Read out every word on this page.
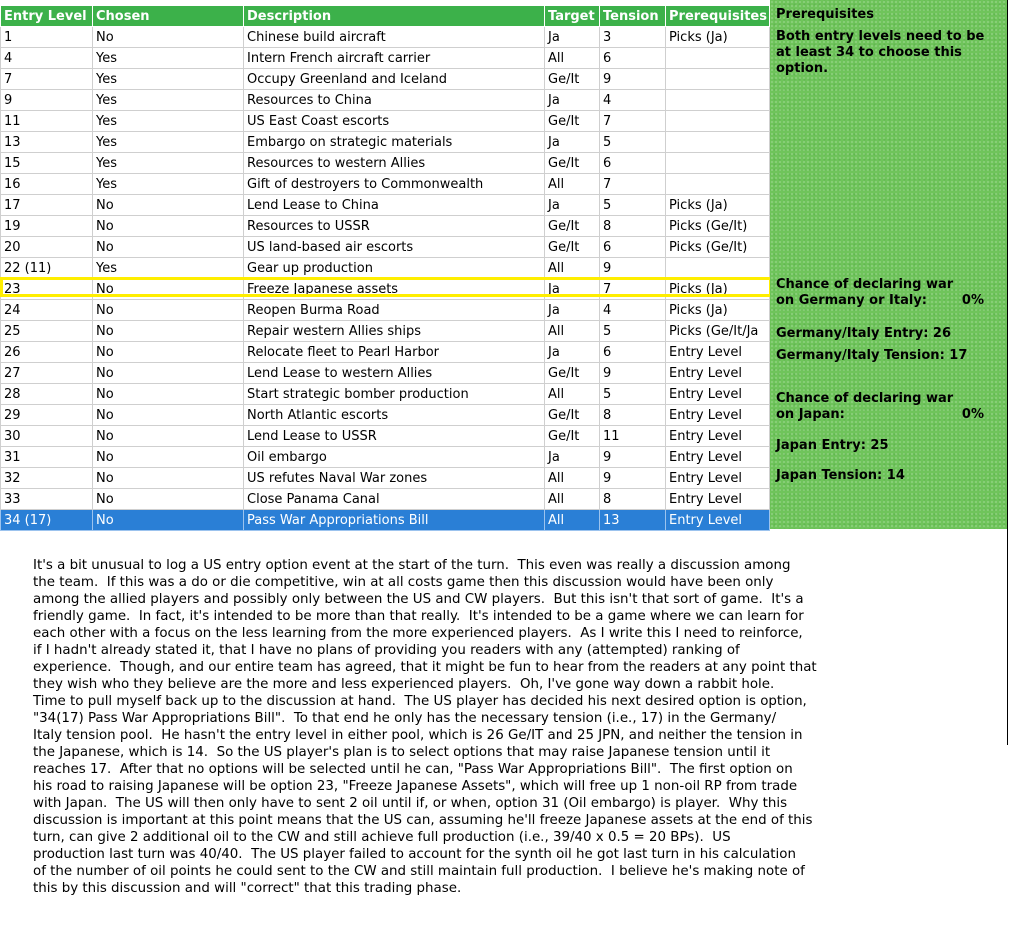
Entry Level	Chosen	Description	Target	Tension	Prerequisites
1	No	Chinese build aircraft	Ja	3	Picks (Ja)
4	Yes	Intern French aircraft carrier	All	6	
7	Yes	Occupy Greenland and Iceland	Ge/It	9	
9	Yes	Resources to China	Ja	4	
11	Yes	US East Coast escorts	Ge/It	7	
13	Yes	Embargo on strategic materials	Ja	5	
15	Yes	Resources to western Allies	Ge/It	6	
16	Yes	Gift of destroyers to Commonwealth	All	7	
17	No	Lend Lease to China	Ja	5	Picks (Ja)
19	No	Resources to USSR	Ge/It	8	Picks (Ge/It)
20	No	US land-based air escorts	Ge/It	6	Picks (Ge/It)
22 (11)	Yes	Gear up production	All	9	
23	No	Freeze Japanese assets	Ja	7	Picks (Ja)
24	No	Reopen Burma Road	Ja	4	Picks (Ja)
25	No	Repair western Allies ships	All	5	Picks (Ge/It/Ja
26	No	Relocate fleet to Pearl Harbor	Ja	6	Entry Level
27	No	Lend Lease to western Allies	Ge/It	9	Entry Level
28	No	Start strategic bomber production	All	5	Entry Level
29	No	North Atlantic escorts	Ge/It	8	Entry Level
30	No	Lend Lease to USSR	Ge/It	11	Entry Level
31	No	Oil embargo	Ja	9	Entry Level
32	No	US refutes Naval War zones	All	9	Entry Level
33	No	Close Panama Canal	All	8	Entry Level
34 (17)	No	Pass War Appropriations Bill	All	13	Entry Level
Prerequisites
Both entry levels need to be
at least 34 to choose this
option.
Chance of declaring war
on Germany or Italy:	0%
Germany/Italy Entry: 26
Germany/Italy Tension: 17
Chance of declaring war
on Japan:	0%
Japan Entry: 25
Japan Tension: 14
It's a bit unusual to log a US entry option event at the start of the turn.  This even was really a discussion among
the team.  If this was a do or die competitive, win at all costs game then this discussion would have been only
among the allied players and possibly only between the US and CW players.  But this isn't that sort of game.  It's a
friendly game.  In fact, it's intended to be more than that really.  It's intended to be a game where we can learn for
each other with a focus on the less learning from the more experienced players.  As I write this I need to reinforce,
if I hadn't already stated it, that I have no plans of providing you readers with any (attempted) ranking of
experience.  Though, and our entire team has agreed, that it might be fun to hear from the readers at any point that
they wish who they believe are the more and less experienced players.  Oh, I've gone way down a rabbit hole.
Time to pull myself back up to the discussion at hand.  The US player has decided his next desired option is option,
"34(17) Pass War Appropriations Bill".  To that end he only has the necessary tension (i.e., 17) in the Germany/
Italy tension pool.  He hasn't the entry level in either pool, which is 26 Ge/IT and 25 JPN, and neither the tension in
the Japanese, which is 14.  So the US player's plan is to select options that may raise Japanese tension until it
reaches 17.  After that no options will be selected until he can, "Pass War Appropriations Bill".  The first option on
his road to raising Japanese will be option 23, "Freeze Japanese Assets", which will free up 1 non-oil RP from trade
with Japan.  The US will then only have to sent 2 oil until if, or when, option 31 (Oil embargo) is player.  Why this
discussion is important at this point means that the US can, assuming he'll freeze Japanese assets at the end of this
turn, can give 2 additional oil to the CW and still achieve full production (i.e., 39/40 x 0.5 = 20 BPs).  US
production last turn was 40/40.  The US player failed to account for the synth oil he got last turn in his calculation
of the number of oil points he could sent to the CW and still maintain full production.  I believe he's making note of
this by this discussion and will "correct" that this trading phase.
